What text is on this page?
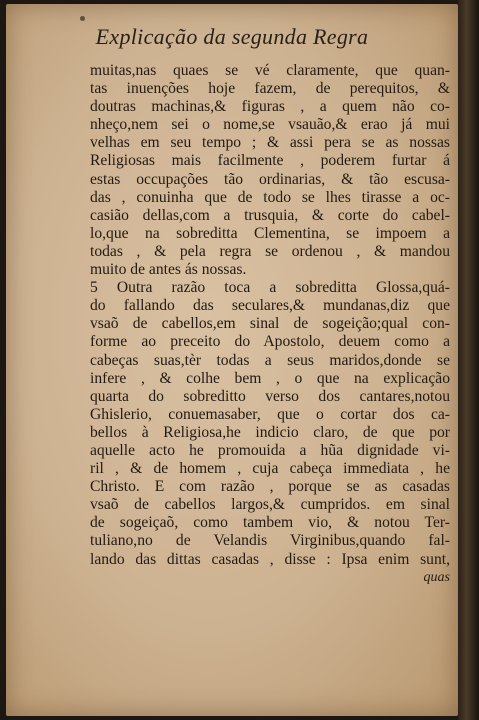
Explicação da segunda Regra
muitas,nas quaes se vé claramente, que quan-
tas inuenções hoje fazem, de perequitos, &
doutras machinas,& figuras , a quem não co-
nheço,nem sei o nome,se vsauão,& erao já mui
velhas em seu tempo ; & assi pera se as nossas
Religiosas mais facilmente , poderem furtar á
estas occupações tão ordinarias, & tão escusa-
das , conuinha que de todo se lhes tirasse a oc-
casião dellas,com a trusquia, & corte do cabel-
lo,que na sobreditta Clementina, se impoem a
todas , & pela regra se ordenou , & mandou
muito de antes ás nossas.
5 Outra razão toca a sobreditta Glossa,quá-
do fallando das seculares,& mundanas,diz que
vsaõ de cabellos,em sinal de sogeição;qual con-
forme ao preceito do Apostolo, deuem como a
cabeças suas,tèr todas a seus maridos,donde se
infere , & colhe bem , o que na explicação
quarta do sobreditto verso dos cantares,notou
Ghislerio, conuemasaber, que o cortar dos ca-
bellos à Religiosa,he indicio claro, de que por
aquelle acto he promouida a hũa dignidade vi-
ril , & de homem , cuja cabeça immediata , he
Christo. E com razão , porque se as casadas
vsaõ de cabellos largos,& cumpridos. em sinal
de sogeiçaõ, como tambem vio, & notou Ter-
tuliano,no de Velandis Virginibus,quando fal-
lando das dittas casadas , disse : Ipsa enim sunt,
quas
